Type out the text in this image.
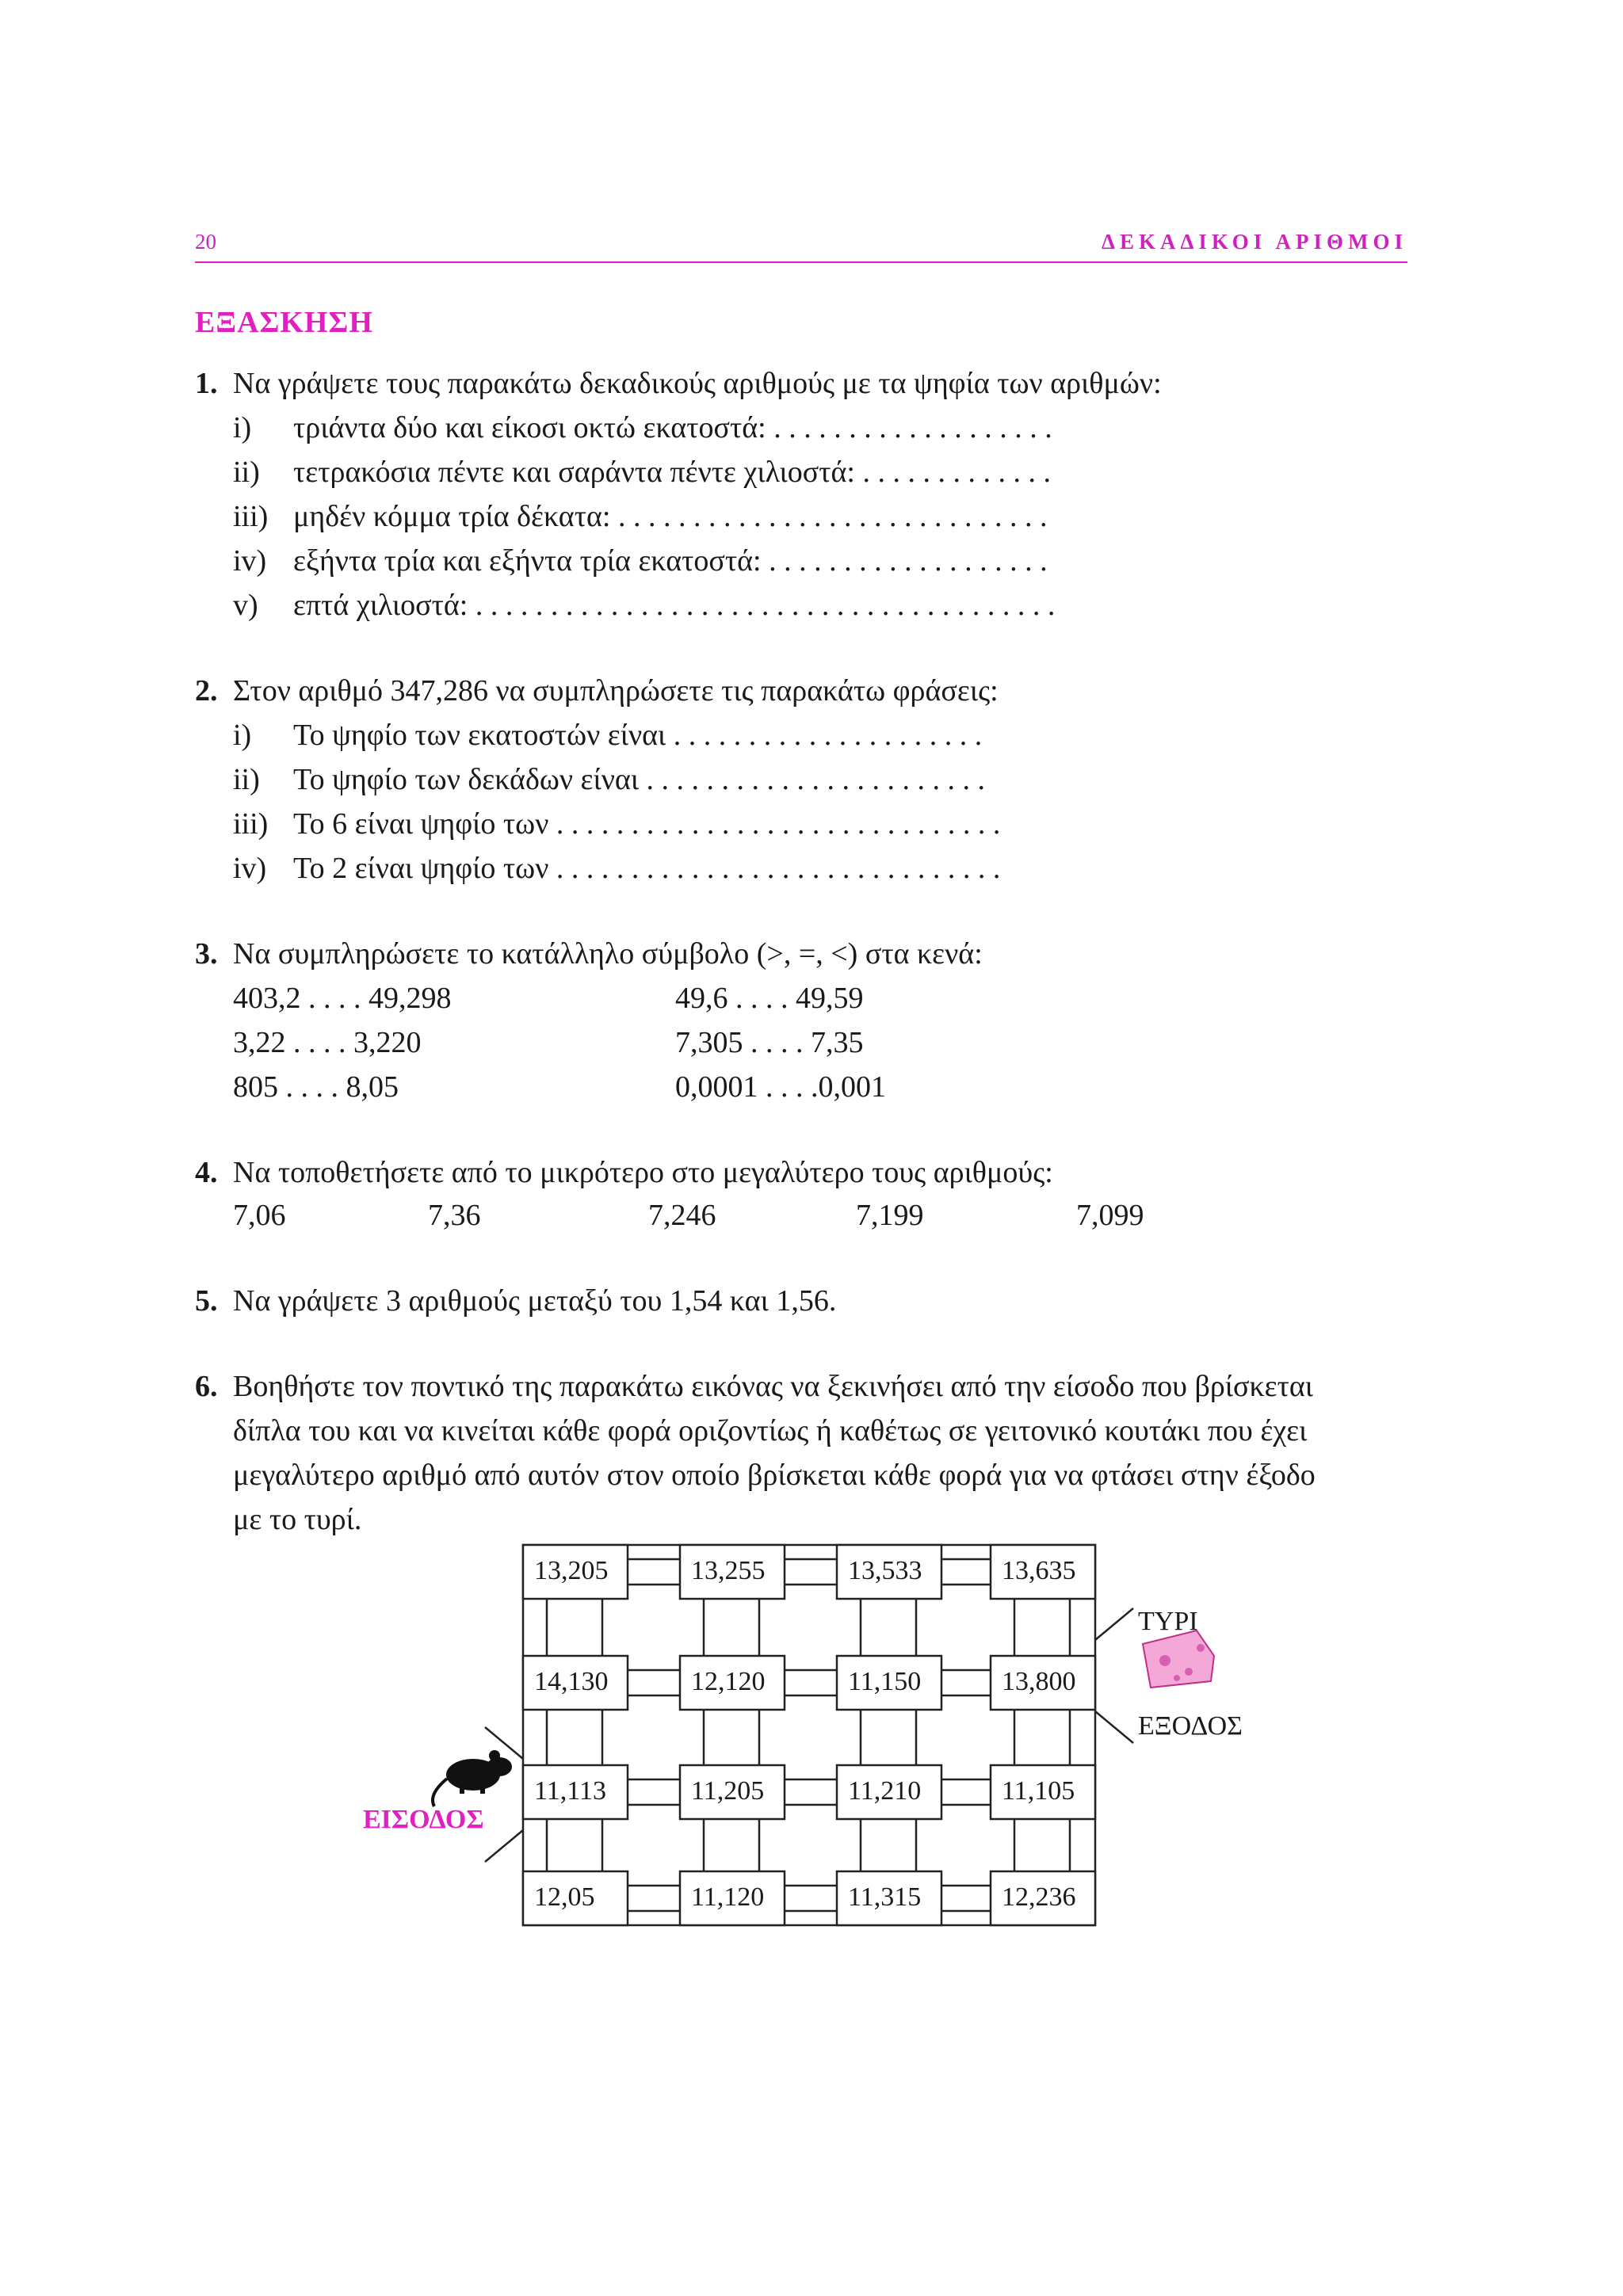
20	ΔΕΚΑΔΙΚΟΙ ΑΡΙΘΜΟΙ
ΕΞΑΣΚΗΣΗ
1. Να γράψετε τους παρακάτω δεκαδικούς αριθμούς με τα ψηφία των αριθμών:
i) τριάντα δύο και είκοσι οκτώ εκατοστά: . . . . . . . . . . . . . . . . . . .
ii) τετρακόσια πέντε και σαράντα πέντε χιλιοστά: . . . . . . . . . . . . .
iii) μηδέν κόμμα τρία δέκατα: . . . . . . . . . . . . . . . . . . . . . . . . . . . . .
iv) εξήντα τρία και εξήντα τρία εκατοστά: . . . . . . . . . . . . . . . . . . .
v) επτά χιλιοστά: . . . . . . . . . . . . . . . . . . . . . . . . . . . . . . . . . . . . . . .
2. Στον αριθμό 347,286 να συμπληρώσετε τις παρακάτω φράσεις:
i) Το ψηφίο των εκατοστών είναι . . . . . . . . . . . . . . . . . . . . .
ii) Το ψηφίο των δεκάδων είναι . . . . . . . . . . . . . . . . . . . . . . .
iii) Το 6 είναι ψηφίο των . . . . . . . . . . . . . . . . . . . . . . . . . . . . . .
iv) Το 2 είναι ψηφίο των . . . . . . . . . . . . . . . . . . . . . . . . . . . . . .
3. Να συμπληρώσετε το κατάλληλο σύμβολο (>, =, <) στα κενά:
403,2 . . . . 49,298	49,6 . . . . 49,59
3,22 . . . . 3,220	7,305 . . . . 7,35
805 . . . . 8,05	0,0001 . . . .0,001
4. Να τοποθετήσετε από το μικρότερο στο μεγαλύτερο τους αριθμούς:
7,06	7,36	7,246	7,199	7,099
5. Να γράψετε 3 αριθμούς μεταξύ του 1,54 και 1,56.
6. Βοηθήστε τον ποντικό της παρακάτω εικόνας να ξεκινήσει από την είσοδο που βρίσκεται
δίπλα του και να κινείται κάθε φορά οριζοντίως ή καθέτως σε γειτονικό κουτάκι που έχει
μεγαλύτερο αριθμό από αυτόν στον οποίο βρίσκεται κάθε φορά για να φτάσει στην έξοδο
με το τυρί.
13,205	13,255	13,533	13,635
14,130	12,120	11,150	13,800
11,113	11,205	11,210	11,105
12,05	11,120	11,315	12,236
ΤΥΡΙ
ΕΞΟΔΟΣ
ΕΙΣΟΔΟΣ
